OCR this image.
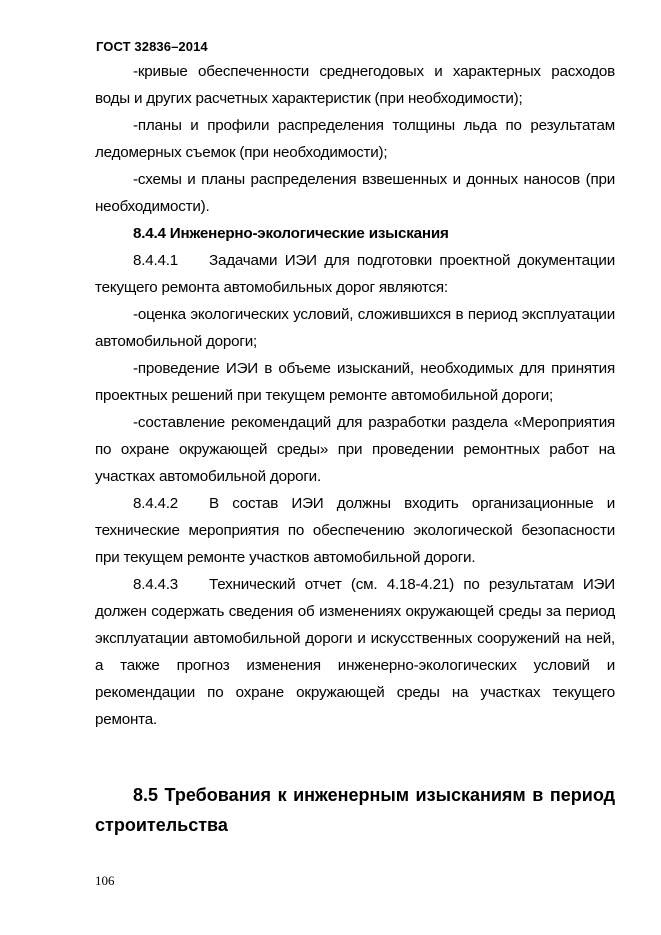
ГОСТ 32836–2014

-кривые обеспеченности среднегодовых и характерных расходов воды и других расчетных характеристик (при необходимости);

-планы и профили распределения толщины льда по результатам ледомерных съемок (при необходимости);

-схемы и планы распределения взвешенных и донных наносов (при необходимости).

8.4.4 Инженерно-экологические изыскания

8.4.4.1 Задачами ИЭИ для подготовки проектной документации текущего ремонта автомобильных дорог являются:

-оценка экологических условий, сложившихся в период эксплуатации автомобильной дороги;

-проведение ИЭИ в объеме изысканий, необходимых для принятия проектных решений при текущем ремонте автомобильной дороги;

-составление рекомендаций для разработки раздела «Мероприятия по охране окружающей среды» при проведении ремонтных работ на участках автомобильной дороги.

8.4.4.2 В состав ИЭИ должны входить организационные и технические мероприятия по обеспечению экологической безопасности при текущем ремонте участков автомобильной дороги.

8.4.4.3 Технический отчет (см. 4.18-4.21) по результатам ИЭИ должен содержать сведения об изменениях окружающей среды за период эксплуатации автомобильной дороги и искусственных сооружений на ней, а также прогноз изменения инженерно-экологических условий и рекомендации по охране окружающей среды на участках текущего ремонта.

8.5 Требования к инженерным изысканиям в период строительства

106
